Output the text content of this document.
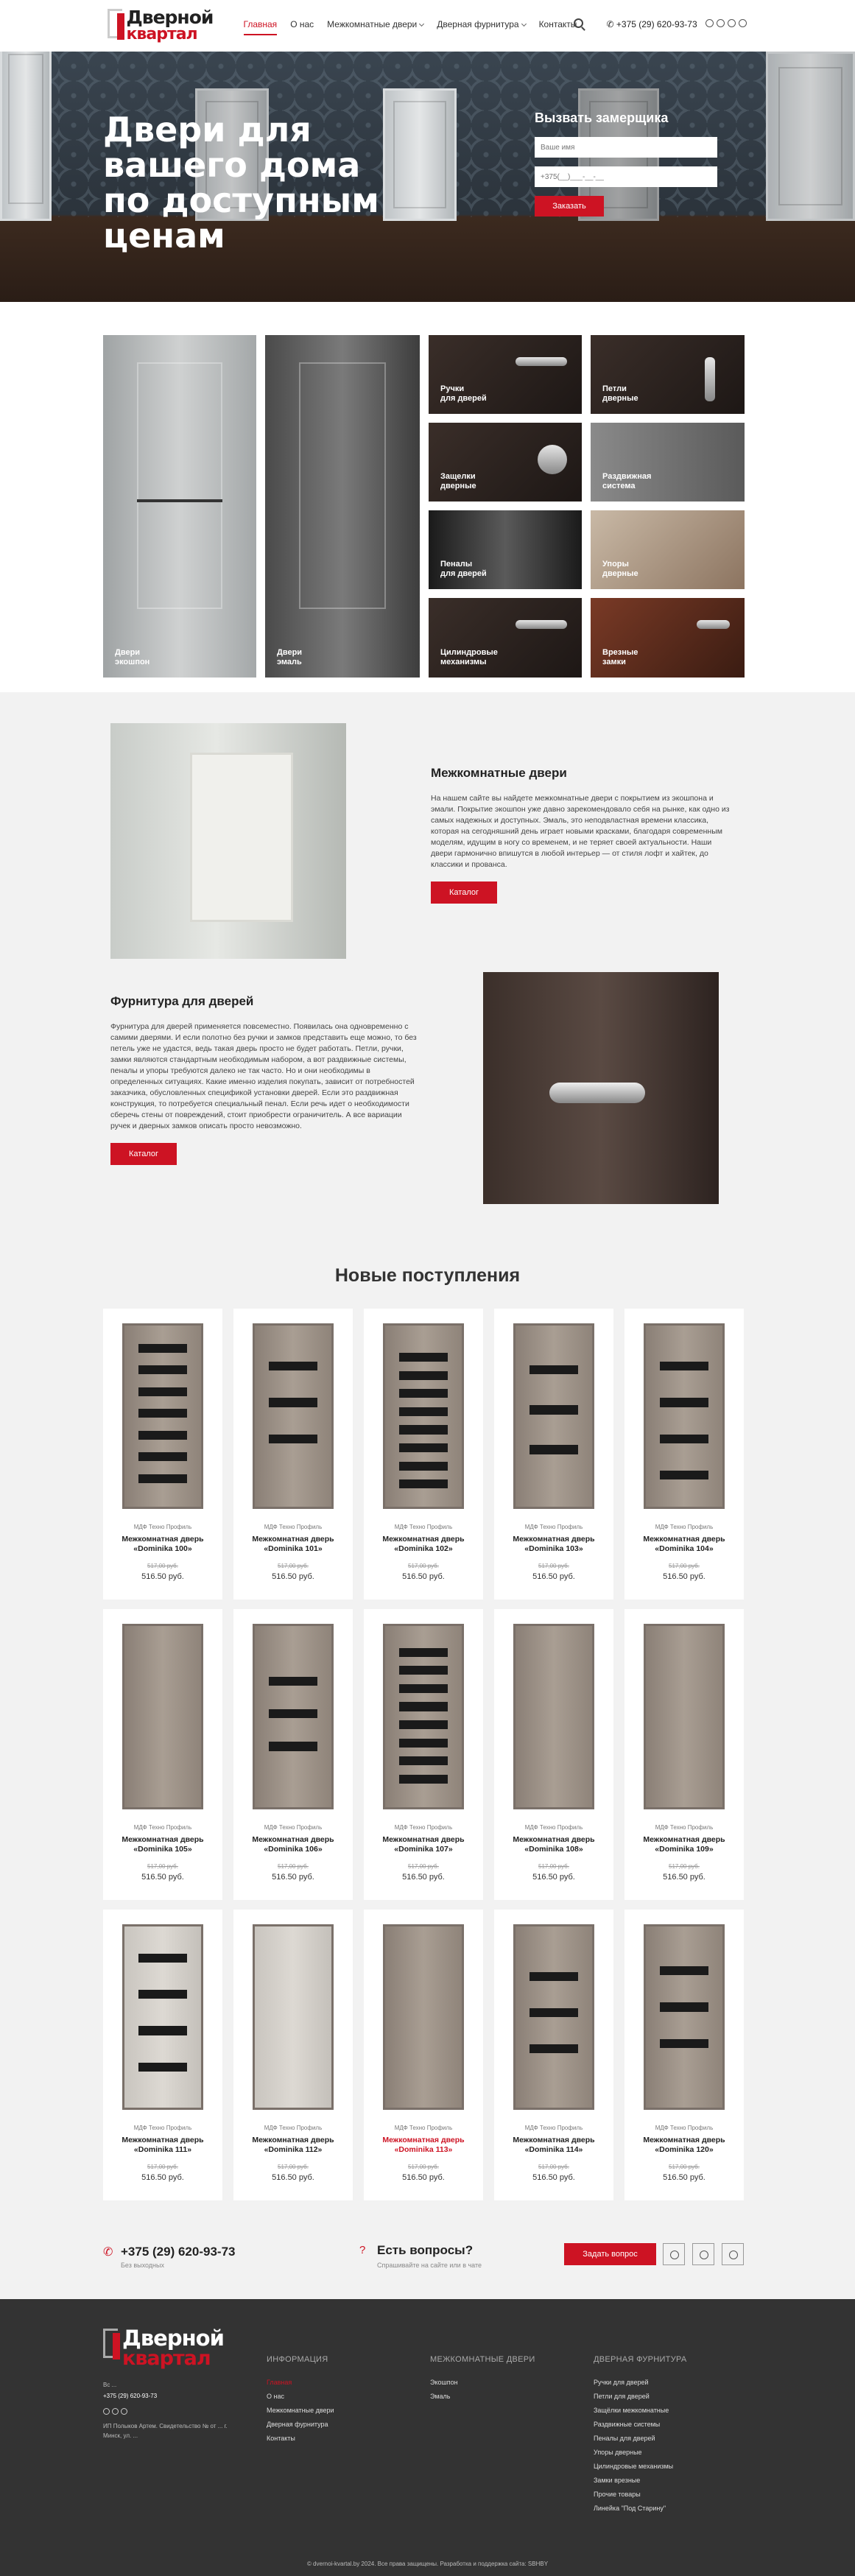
Дверной
квартал
Главная О нас Межкомнатные двери	Дверная фурнитура	Контакты	✆ +375 (29) 620-93-73
Двери для вашего дома по доступным ценам
Вызвать замерщика
Ваше имя
+375(__)___-__-__ Заказать
Двери
экошпон
Двери
эмаль
Ручки
для дверей
Петли
дверные
Защелки
дверные
Раздвижная
система
Пеналы
для дверей
Упоры
дверные
Цилиндровые
механизмы
Врезные
замки
Межкомнатные двери

На нашем сайте вы найдете межкомнатные двери с покрытием из экошпона и эмали. Покрытие экошпон уже давно зарекомендовало себя на рынке, как одно из самых надежных и доступных. Эмаль, это неподвластная времени классика, которая на сегодняшний день играет новыми красками, благодаря современным моделям, идущим в ногу со временем, и не теряет своей актуальности. Наши двери гармонично впишутся в любой интерьер — от стиля лофт и хайтек, до классики и прованса.

Каталог
Фурнитура для дверей

Фурнитура для дверей применяется повсеместно. Появилась она одновременно с самими дверями. И если полотно без ручки и замков представить еще можно, то без петель уже не удастся, ведь такая дверь просто не будет работать. Петли, ручки, замки являются стандартным необходимым набором, а вот раздвижные системы, пеналы и упоры требуются далеко не так часто. Но и они необходимы в определенных ситуациях. Какие именно изделия покупать, зависит от потребностей заказчика, обусловленных спецификой установки дверей. Если это раздвижная конструкция, то потребуется специальный пенал. Если речь идет о необходимости сберечь стены от повреждений, стоит приобрести ограничитель. А все вариации ручек и дверных замков описать просто невозможно.

Каталог
Новые поступления
МДФ Техно Профиль
Межкомнатная дверь «Dominika 100»
517,00 руб.
516.50 руб.
МДФ Техно Профиль
Межкомнатная дверь «Dominika 101»
517,00 руб.
516.50 руб.
МДФ Техно Профиль
Межкомнатная дверь «Dominika 102»
517,00 руб.
516.50 руб.
МДФ Техно Профиль
Межкомнатная дверь «Dominika 103»
517,00 руб.
516.50 руб.
МДФ Техно Профиль
Межкомнатная дверь «Dominika 104»
517,00 руб.
516.50 руб.
МДФ Техно Профиль
Межкомнатная дверь «Dominika 105»
517,00 руб.
516.50 руб.
МДФ Техно Профиль
Межкомнатная дверь «Dominika 106»
517,00 руб.
516.50 руб.
МДФ Техно Профиль
Межкомнатная дверь «Dominika 107»
517,00 руб.
516.50 руб.
МДФ Техно Профиль
Межкомнатная дверь «Dominika 108»
517,00 руб.
516.50 руб.
МДФ Техно Профиль
Межкомнатная дверь «Dominika 109»
517,00 руб.
516.50 руб.
МДФ Техно Профиль
Межкомнатная дверь «Dominika 111»
517,00 руб.
516.50 руб.
МДФ Техно Профиль
Межкомнатная дверь «Dominika 112»
517,00 руб.
516.50 руб.
МДФ Техно Профиль
Межкомнатная дверь «Dominika 113»
517,00 руб.
516.50 руб.
МДФ Техно Профиль
Межкомнатная дверь «Dominika 114»
517,00 руб.
516.50 руб.
МДФ Техно Профиль
Межкомнатная дверь «Dominika 120»
517,00 руб.
516.50 руб.
✆ +375 (29) 620-93-73
Без выходных
? Есть вопросы?
Спрашивайте на сайте или в чате
Задать вопрос
Дверной
квартал
Вс ...
+375 (29) 620-93-73
ИП Полыков Артем. Свидетельство № от ... г.
Минск, ул. ...
ИНФОРМАЦИЯ
Главная
О нас
Межкомнатные двери
Дверная фурнитура
Контакты
МЕЖКОМНАТНЫЕ ДВЕРИ
Экошпон
Эмаль
ДВЕРНАЯ ФУРНИТУРА
Ручки для дверей
Петли для дверей
Защёлки межкомнатные
Раздвижные системы
Пеналы для дверей
Упоры дверные
Цилиндровые механизмы
Замки врезные
Прочие товары
Линейка "Под Старину"
© dvernoi-kvartal.by 2024. Все права защищены. Разработка и поддержка сайта: SBHBY
